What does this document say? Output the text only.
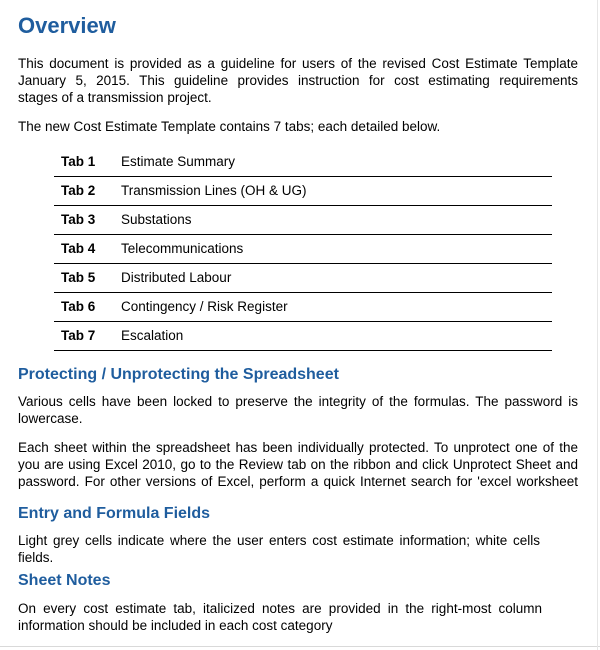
Overview
This document is provided as a guideline for users of the revised Cost Estimate Template
January 5, 2015. This guideline provides instruction for cost estimating requirements
stages of a transmission project.
The new Cost Estimate Template contains 7 tabs; each detailed below.
Tab 1 Estimate Summary
Tab 2 Transmission Lines (OH & UG)
Tab 3 Substations
Tab 4 Telecommunications
Tab 5 Distributed Labour
Tab 6 Contingency / Risk Register
Tab 7 Escalation
Protecting / Unprotecting the Spreadsheet
Various cells have been locked to preserve the integrity of the formulas. The password is
lowercase.
Each sheet within the spreadsheet has been individually protected. To unprotect one of the
you are using Excel 2010, go to the Review tab on the ribbon and click Unprotect Sheet and
password. For other versions of Excel, perform a quick Internet search for 'excel worksheet
Entry and Formula Fields
Light grey cells indicate where the user enters cost estimate information; white cells
fields.
Sheet Notes
On every cost estimate tab, italicized notes are provided in the right-most column
information should be included in each cost category
